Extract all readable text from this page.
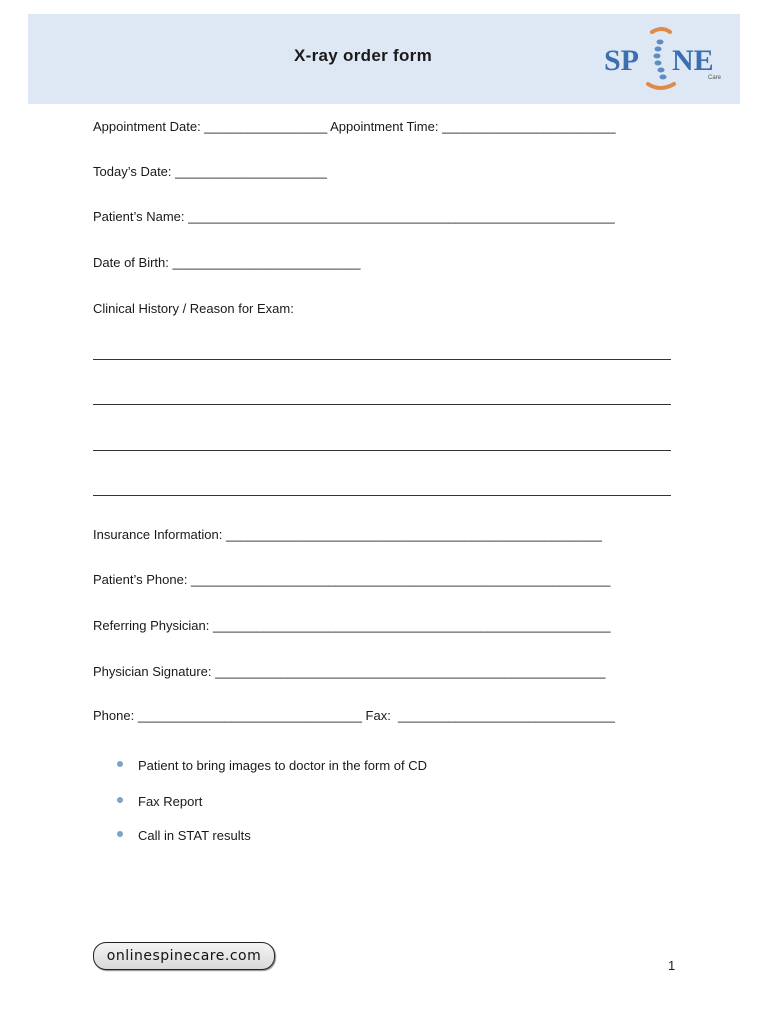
X-ray order form	SP NE
Care
Appointment Date: _________________ Appointment Time: ________________________
Today’s Date: _____________________
Patient’s Name: ___________________________________________________________
Date of Birth: __________________________
Clinical History / Reason for Exam:
Insurance Information: ____________________________________________________
Patient’s Phone: __________________________________________________________
Referring Physician: _______________________________________________________
Physician Signature: ______________________________________________________
Phone: _______________________________ Fax:  ______________________________
Patient to bring images to doctor in the form of CD
Fax Report
Call in STAT results
onlinespinecare.com
1
